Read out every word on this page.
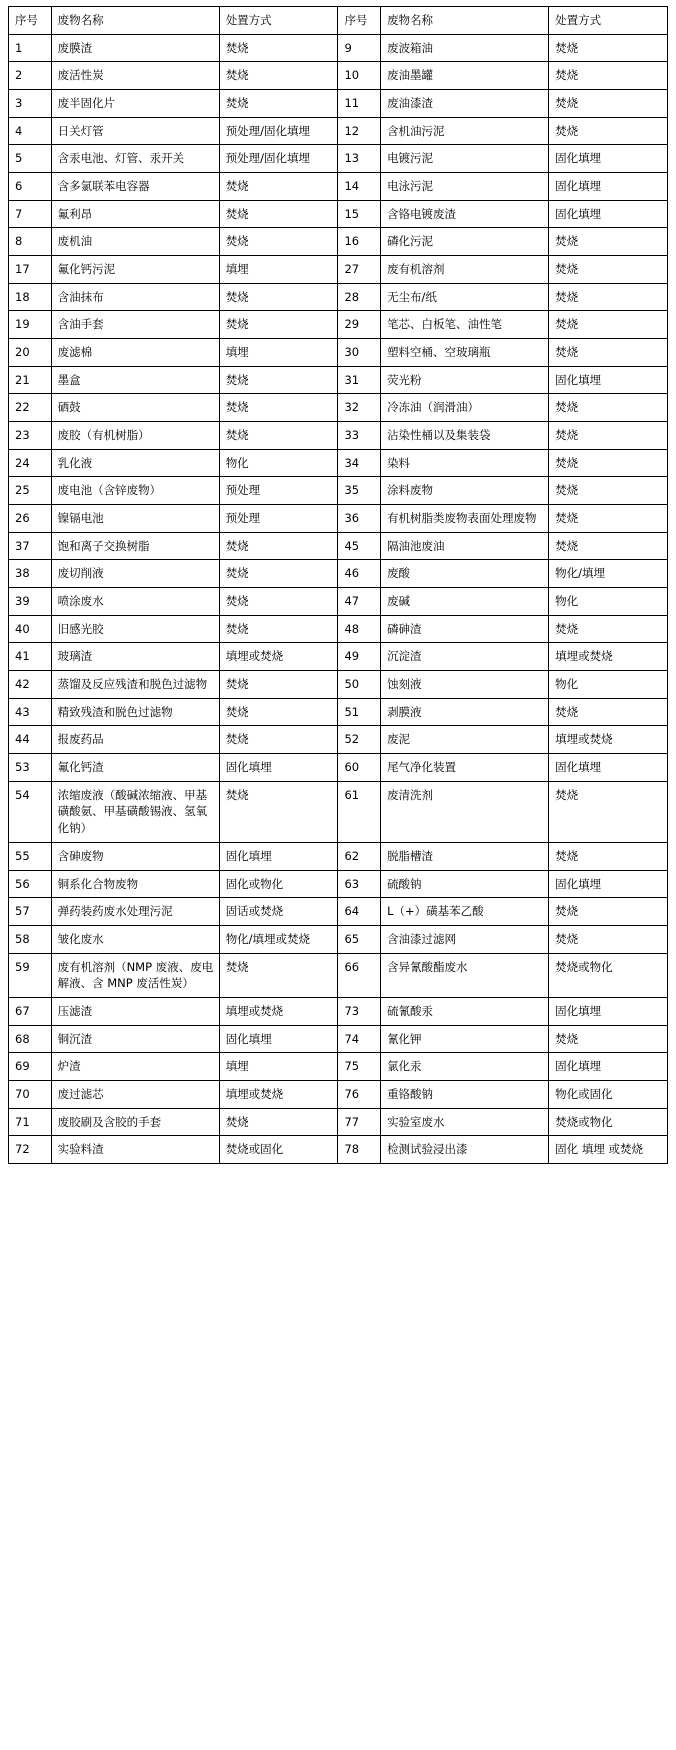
序号	废物名称	处置方式	序号	废物名称	处置方式
1	废膜渣	焚烧	9	废波箱油	焚烧
2	废活性炭	焚烧	10	废油墨罐	焚烧
3	废半固化片	焚烧	11	废油漆渣	焚烧
4	日关灯管	预处理/固化填埋	12	含机油污泥	焚烧
5	含汞电池、灯管、汞开关	预处理/固化填埋	13	电镀污泥	固化填埋
6	含多氯联苯电容器	焚烧	14	电泳污泥	固化填埋
7	氟利昂	焚烧	15	含铬电镀废渣	固化填埋
8	废机油	焚烧	16	磷化污泥	焚烧
17	氟化钙污泥	填埋	27	废有机溶剂	焚烧
18	含油抹布	焚烧	28	无尘布/纸	焚烧
19	含油手套	焚烧	29	笔芯、白板笔、油性笔	焚烧
20	废滤棉	填埋	30	塑料空桶、空玻璃瓶	焚烧
21	墨盒	焚烧	31	荧光粉	固化填埋
22	硒鼓	焚烧	32	冷冻油（润滑油）	焚烧
23	废胶（有机树脂）	焚烧	33	沾染性桶以及集装袋	焚烧
24	乳化液	物化	34	染料	焚烧
25	废电池（含锌废物）	预处理	35	涂料废物	焚烧
26	镍镉电池	预处理	36	有机树脂类废物表面处理废物	焚烧
37	饱和离子交换树脂	焚烧	45	隔油池废油	焚烧
38	废切削液	焚烧	46	废酸	物化/填埋
39	喷涂废水	焚烧	47	废碱	物化
40	旧感光胶	焚烧	48	磷砷渣	焚烧
41	玻璃渣	填埋或焚烧	49	沉淀渣	填埋或焚烧
42	蒸馏及反应残渣和脱色过滤物	焚烧	50	蚀刻液	物化
43	精致残渣和脱色过滤物	焚烧	51	剥膜液	焚烧
44	报废药品	焚烧	52	废泥	填埋或焚烧
53	氟化钙渣	固化填埋	60	尾气净化装置	固化填埋
54	浓缩废液（酸碱浓缩液、甲基磺酸氨、甲基磺酸锡液、氢氧化钠）	焚烧	61	废清洗剂	焚烧
55	含砷废物	固化填埋	62	脱脂槽渣	焚烧
56	铜系化合物废物	固化或物化	63	硫酸钠	固化填埋
57	弹药装药废水处理污泥	固话或焚烧	64	L（+）磺基苯乙酸	焚烧
58	皱化废水	物化/填埋或焚烧	65	含油漆过滤网	焚烧
59	废有机溶剂（NMP 废液、废电解液、含 MNP 废活性炭）	焚烧	66	含异氰酸酯废水	焚烧或物化
67	压滤渣	填埋或焚烧	73	硫氰酸汞	固化填埋
68	铜沉渣	固化填埋	74	氰化钾	焚烧
69	炉渣	填埋	75	氯化汞	固化填埋
70	废过滤芯	填埋或焚烧	76	重铬酸钠	物化或固化
71	废胶刷及含胶的手套	焚烧	77	实验室废水	焚烧或物化
72	实验料渣	焚烧或固化	78	检测试验浸出漆	固化 填埋 或焚烧
